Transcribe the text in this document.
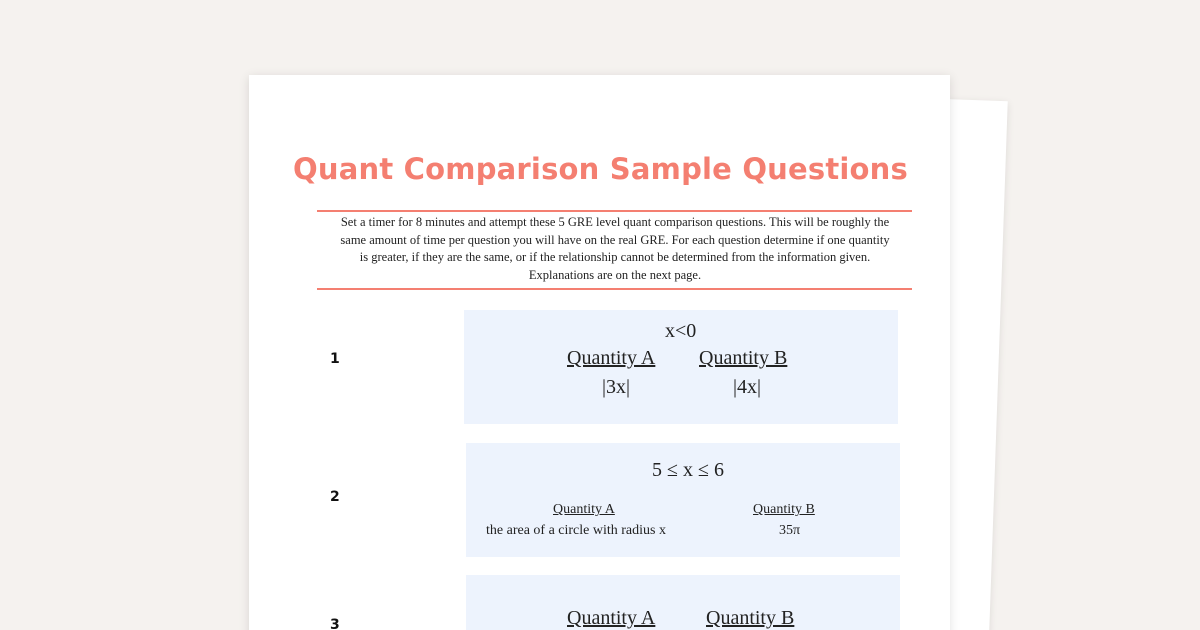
Quant Comparison Sample Questions
Set a timer for 8 minutes and attempt these 5 GRE level quant comparison questions. This will be roughly the same amount of time per question you will have on the real GRE. For each question determine if one quantity is greater, if they are the same, or if the relationship cannot be determined from the information given. Explanations are on the next page.
1
x<0
Quantity A Quantity B
|3x|	|4x|
2
5 ≤ x ≤ 6
Quantity A	Quantity B
the area of a circle with radius x	35π
3	Quantity A	Quantity B
